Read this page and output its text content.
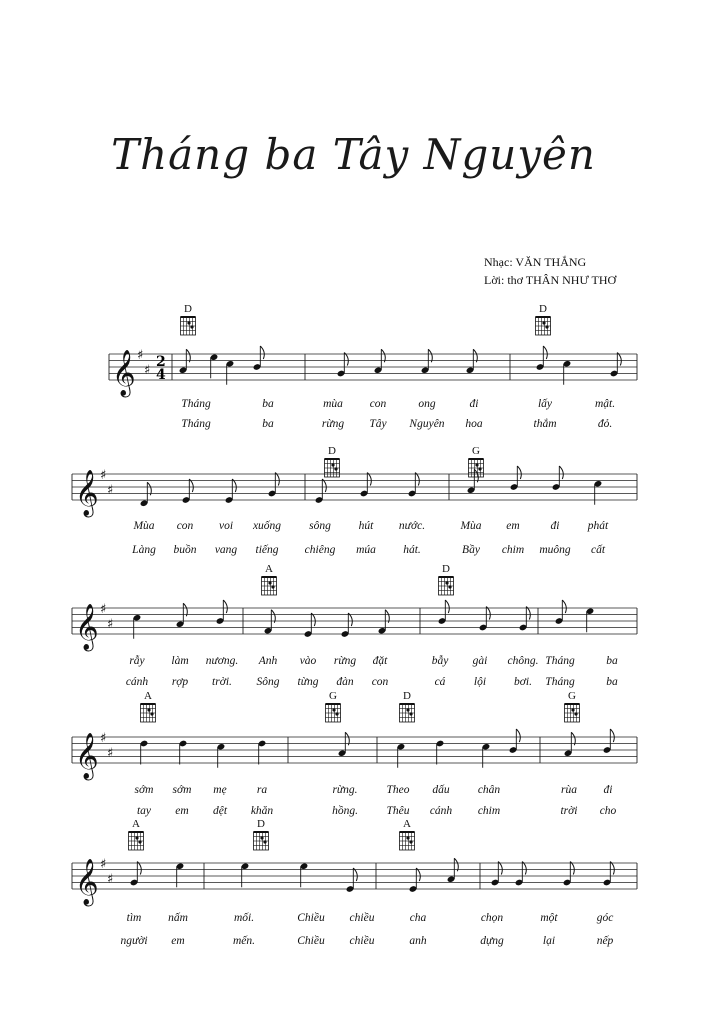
Tháng ba Tây Nguyên
Nhạc: VĂN THẮNG
Lời: thơ THÂN NHƯ THƠ
𝄞 ♯
♯
2
4
𝄞 ♯
♯
𝄞 ♯
♯
𝄞 ♯
♯
𝄞 ♯
♯
D	D
Tháng	ba	mùa con	ong	đi	lấy	mật.
Tháng	ba	rừng Tây Nguyên hoa	thắm	đỏ.
D	G
Mùa con voi xuống sông hút nước.	Mùa em	đi phát
Làng buồn vang tiếng chiêng múa hát.	Bầy chim muông cất
A	D
rẫy làm nương. Anh vào rừng đặt	bẫy gài chông. Tháng	ba
cánh rợp trời. Sông từng đàn con	cá lội bơi. Tháng	ba
A	G	D	G
sớm sớm mẹ	ra	rừng.	Theo dấu chân	rùa đi
tay em dệt khăn	hồng. Thêu cánh chim	trời cho
A	D	A
tìm nấm	mối.	Chiều chiều	cha	chọn	một	góc
người em	mến.	Chiều chiều	anh	dựng	lại	nếp
